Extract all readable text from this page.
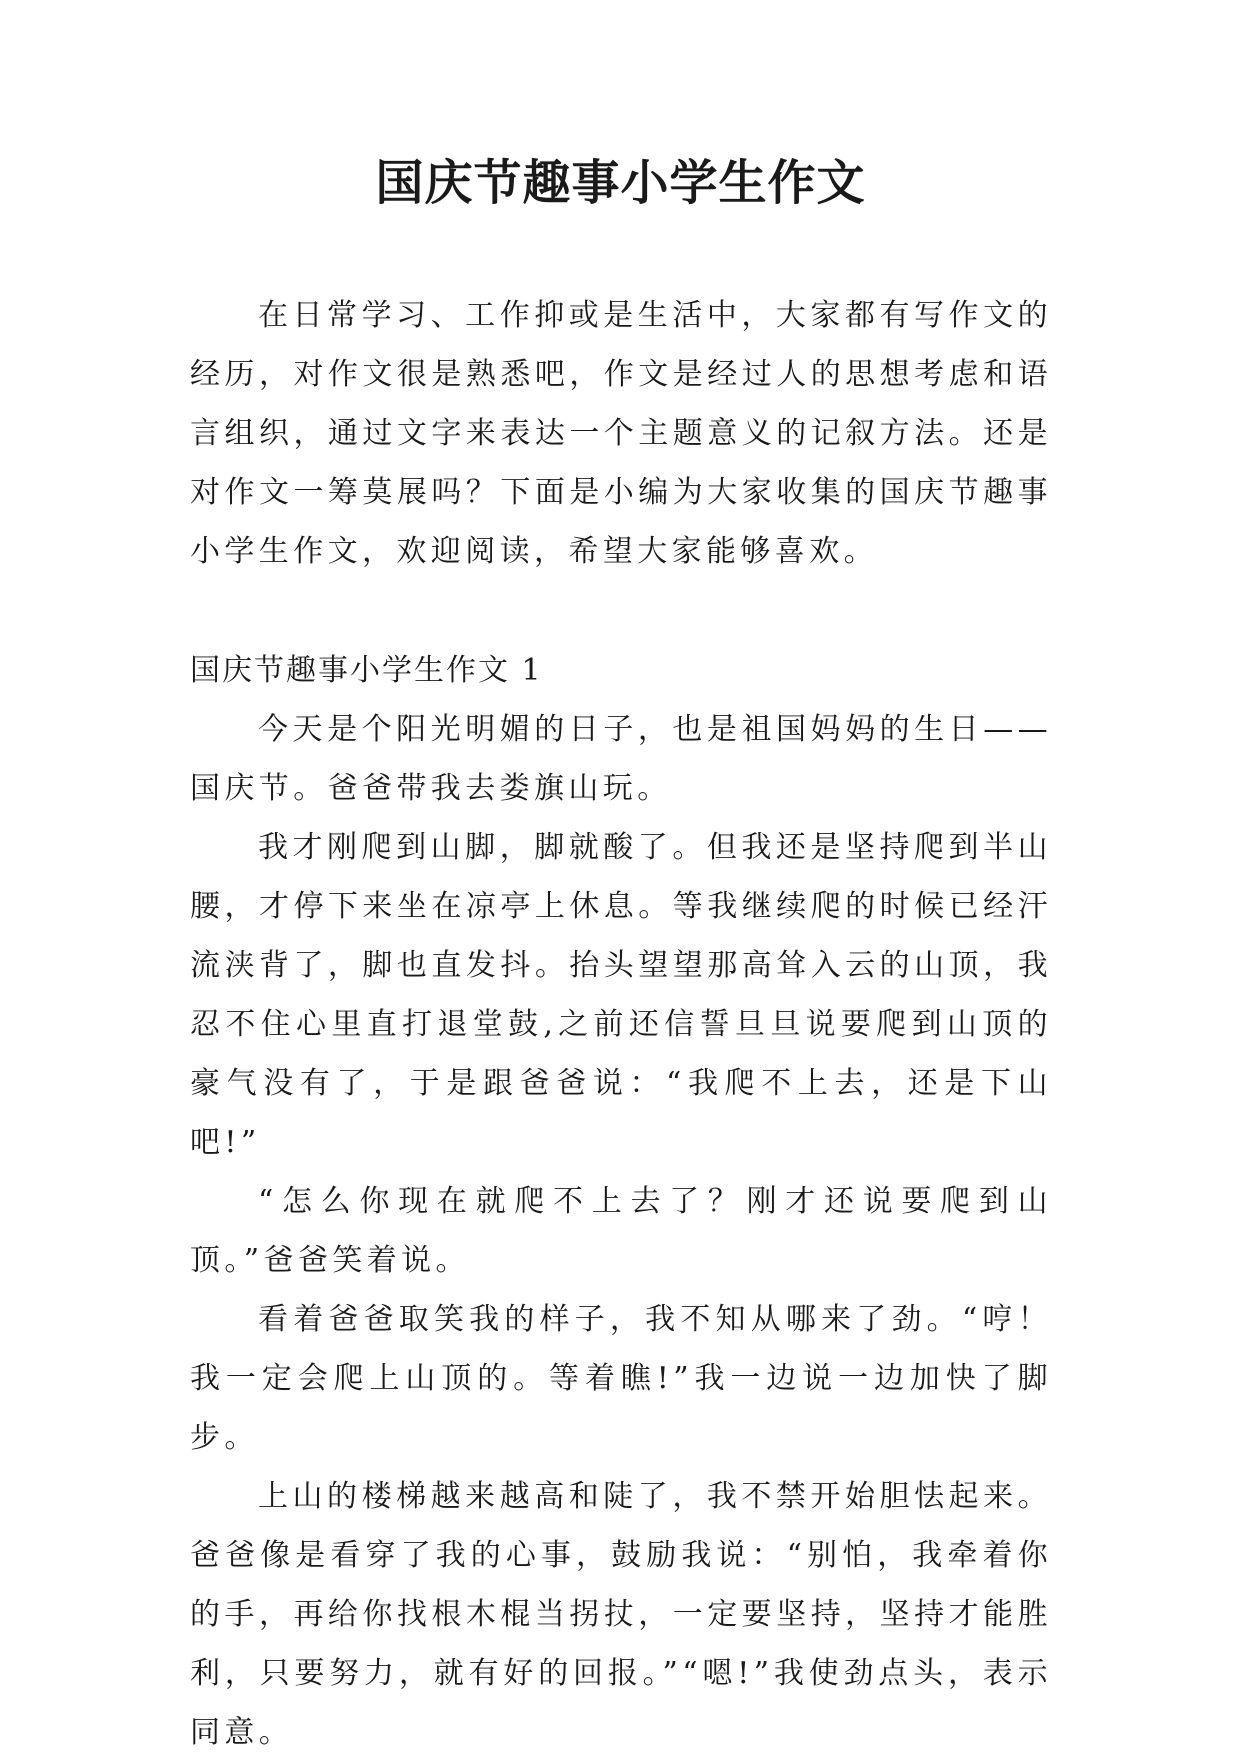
国庆节趣事小学生作文

在日常学习、工作抑或是生活中，大家都有写作文的经历，对作文很是熟悉吧，作文是经过人的思想考虑和语言组织，通过文字来表达一个主题意义的记叙方法。还是对作文一筹莫展吗？下面是小编为大家收集的国庆节趣事小学生作文，欢迎阅读，希望大家能够喜欢。

国庆节趣事小学生作文 1

今天是个阳光明媚的日子，也是祖国妈妈的生日——国庆节。爸爸带我去娄旗山玩。

我才刚爬到山脚，脚就酸了。但我还是坚持爬到半山腰，才停下来坐在凉亭上休息。等我继续爬的时候已经汗流浃背了，脚也直发抖。抬头望望那高耸入云的山顶，我忍不住心里直打退堂鼓,之前还信誓旦旦说要爬到山顶的豪气没有了，于是跟爸爸说：“我爬不上去，还是下山吧!”

“怎么你现在就爬不上去了？刚才还说要爬到山顶。”爸爸笑着说。

看着爸爸取笑我的样子，我不知从哪来了劲。“哼！我一定会爬上山顶的。等着瞧!”我一边说一边加快了脚步。

上山的楼梯越来越高和陡了，我不禁开始胆怯起来。爸爸像是看穿了我的心事，鼓励我说：“别怕，我牵着你的手，再给你找根木棍当拐扙，一定要坚持，坚持才能胜利，只要努力，就有好的回报。”“嗯!”我使劲点头，表示同意。
